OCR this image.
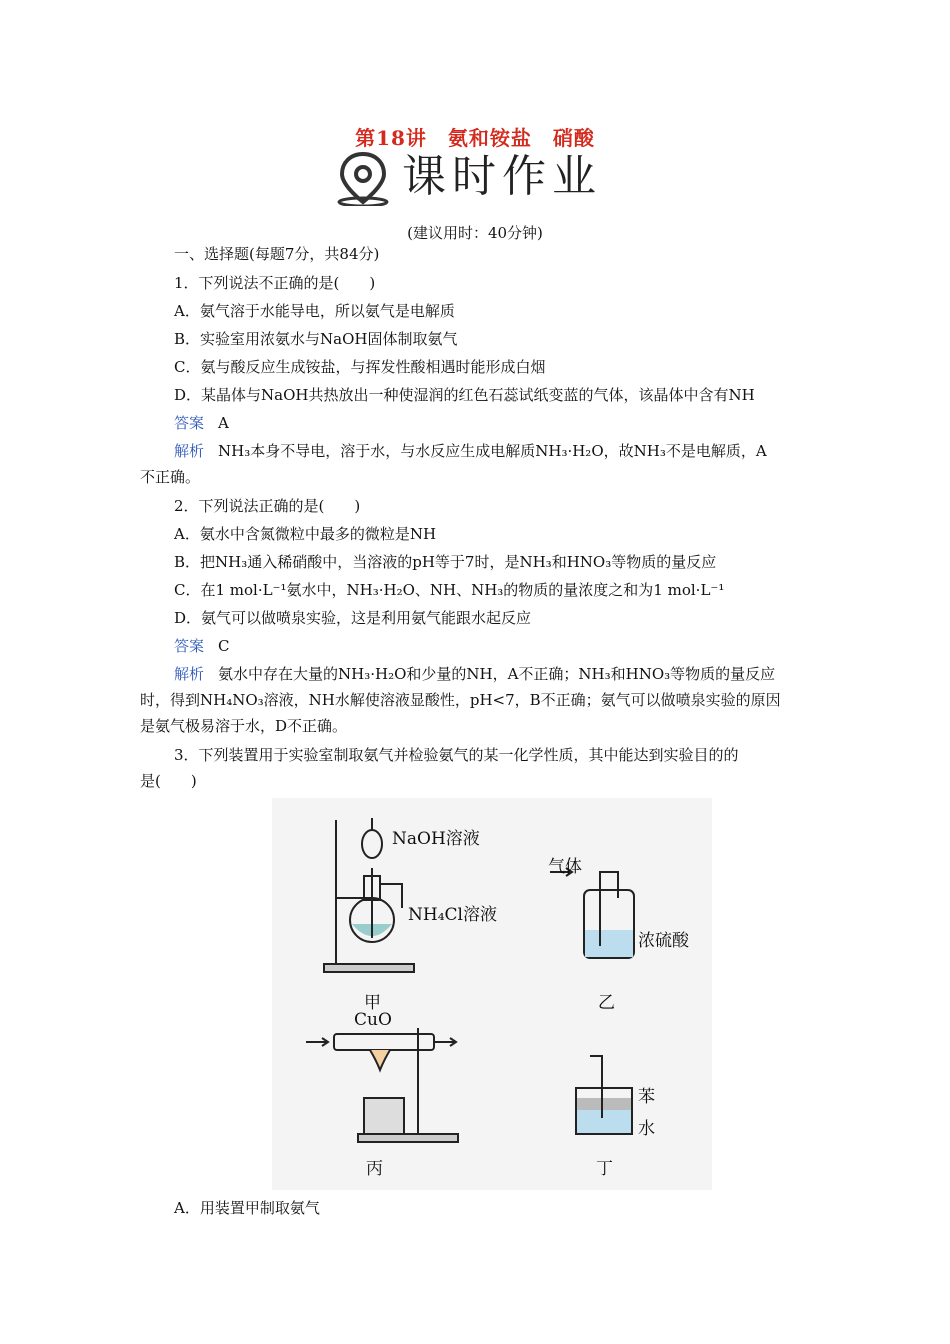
第18讲　氨和铵盐　硝酸
课时作业
(建议用时：40分钟)
一、选择题(每题7分，共84分)
1．下列说法不正确的是(　　)
A．氨气溶于水能导电，所以氨气是电解质
B．实验室用浓氨水与NaOH固体制取氨气
C．氨与酸反应生成铵盐，与挥发性酸相遇时能形成白烟
D．某晶体与NaOH共热放出一种使湿润的红色石蕊试纸变蓝的气体，该晶体中含有NH
答案 A
解析 NH₃本身不导电，溶于水，与水反应生成电解质NH₃·H₂O，故NH₃不是电解质，A
不正确。
2．下列说法正确的是(　　)
A．氨水中含氮微粒中最多的微粒是NH
B．把NH₃通入稀硝酸中，当溶液的pH等于7时，是NH₃和HNO₃等物质的量反应
C．在1 mol·L⁻¹氨水中，NH₃·H₂O、NH、NH₃的物质的量浓度之和为1 mol·L⁻¹
D．氨气可以做喷泉实验，这是利用氨气能跟水起反应
答案 C
解析 氨水中存在大量的NH₃·H₂O和少量的NH，A不正确；NH₃和HNO₃等物质的量反应
时，得到NH₄NO₃溶液，NH水解使溶液显酸性，pH<7，B不正确；氨气可以做喷泉实验的原因
是氨气极易溶于水，D不正确。
3．下列装置用于实验室制取氨气并检验氨气的某一化学性质，其中能达到实验目的的
是(　　)
NaOH溶液
NH₄Cl溶液
甲
气体
浓硫酸
乙
CuO
丙
苯
水
丁
A．用装置甲制取氨气
